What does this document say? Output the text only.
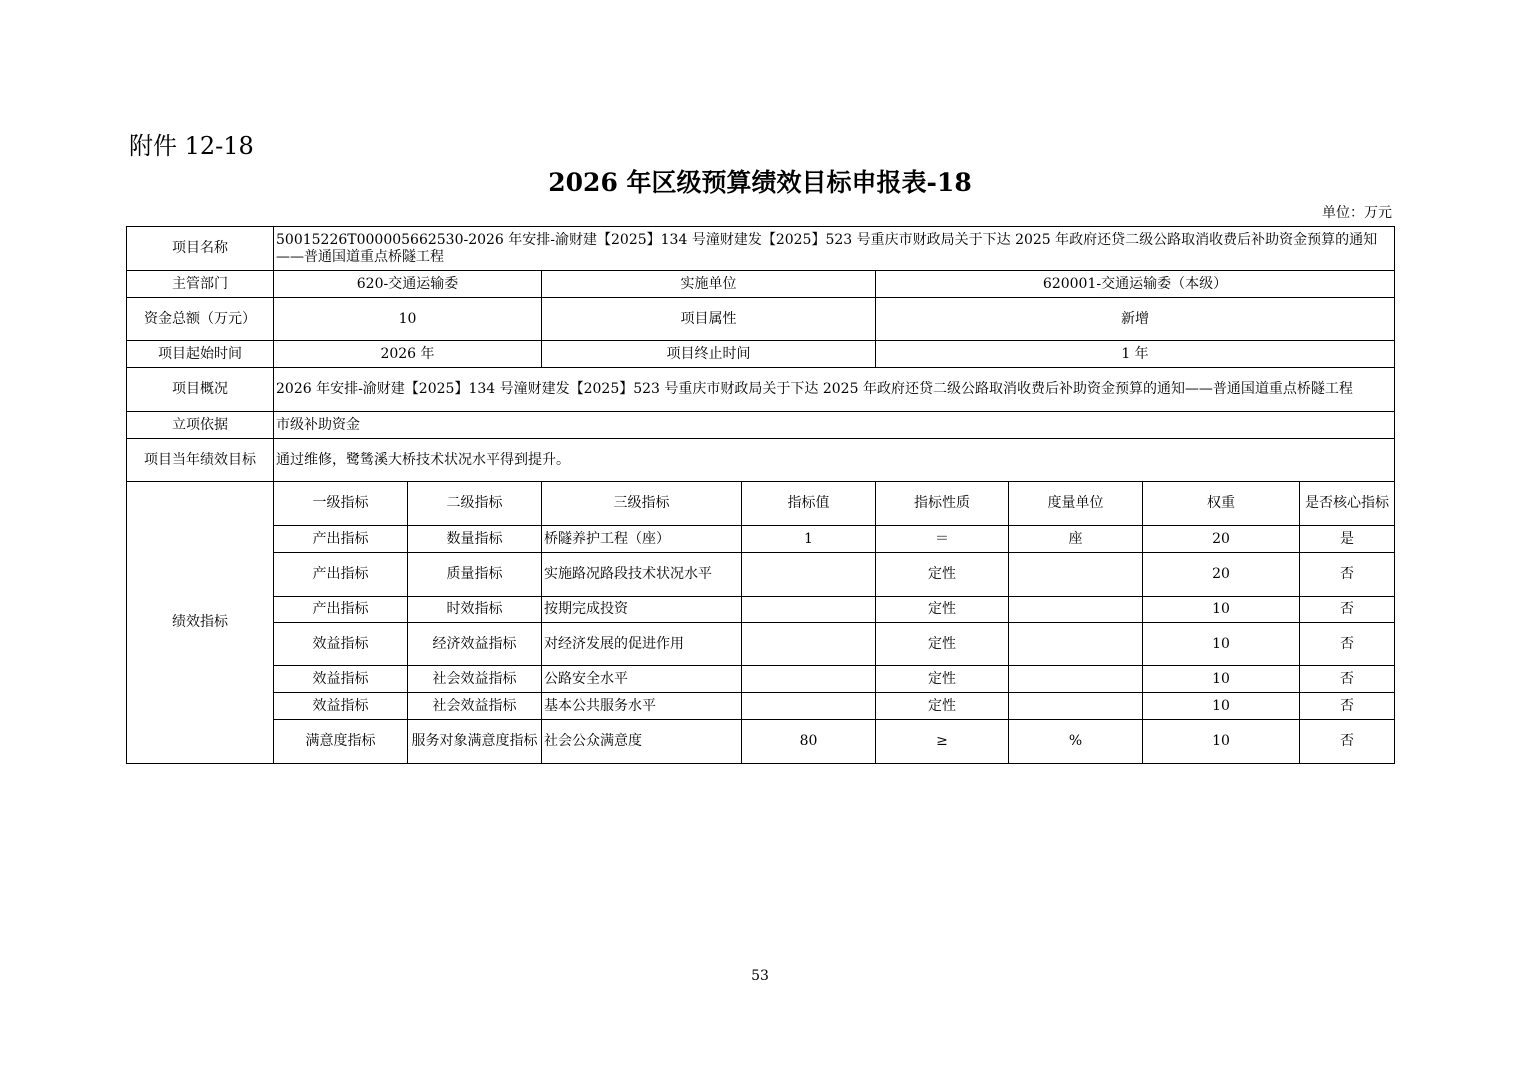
附件 12-18
2026 年区级预算绩效目标申报表-18
单位：万元
项目名称	50015226T000005662530-2026 年安排-渝财建【2025】134 号潼财建发【2025】523 号重庆市财政局关于下达 2025 年政府还贷二级公路取消收费后补助资金预算的通知——普通国道重点桥隧工程							
主管部门	620-交通运输委		实施单位		620001-交通运输委（本级）			
资金总额（万元）	10		项目属性		新增			
项目起始时间	2026 年		项目终止时间		1 年			
项目概况	2026 年安排-渝财建【2025】134 号潼财建发【2025】523 号重庆市财政局关于下达 2025 年政府还贷二级公路取消收费后补助资金预算的通知——普通国道重点桥隧工程							
立项依据	市级补助资金							
项目当年绩效目标	通过维修，鹭鸶溪大桥技术状况水平得到提升。							
绩效指标	一级指标	二级指标	三级指标	指标值	指标性质	度量单位	权重	是否核心指标
	产出指标	数量指标	桥隧养护工程（座）	1	＝	座	20	是
	产出指标	质量指标	实施路况路段技术状况水平		定性		20	否
	产出指标	时效指标	按期完成投资		定性		10	否
	效益指标	经济效益指标	对经济发展的促进作用		定性		10	否
	效益指标	社会效益指标	公路安全水平		定性		10	否
	效益指标	社会效益指标	基本公共服务水平		定性		10	否
	满意度指标	服务对象满意度指标	社会公众满意度	80	≥	%	10	否
53
